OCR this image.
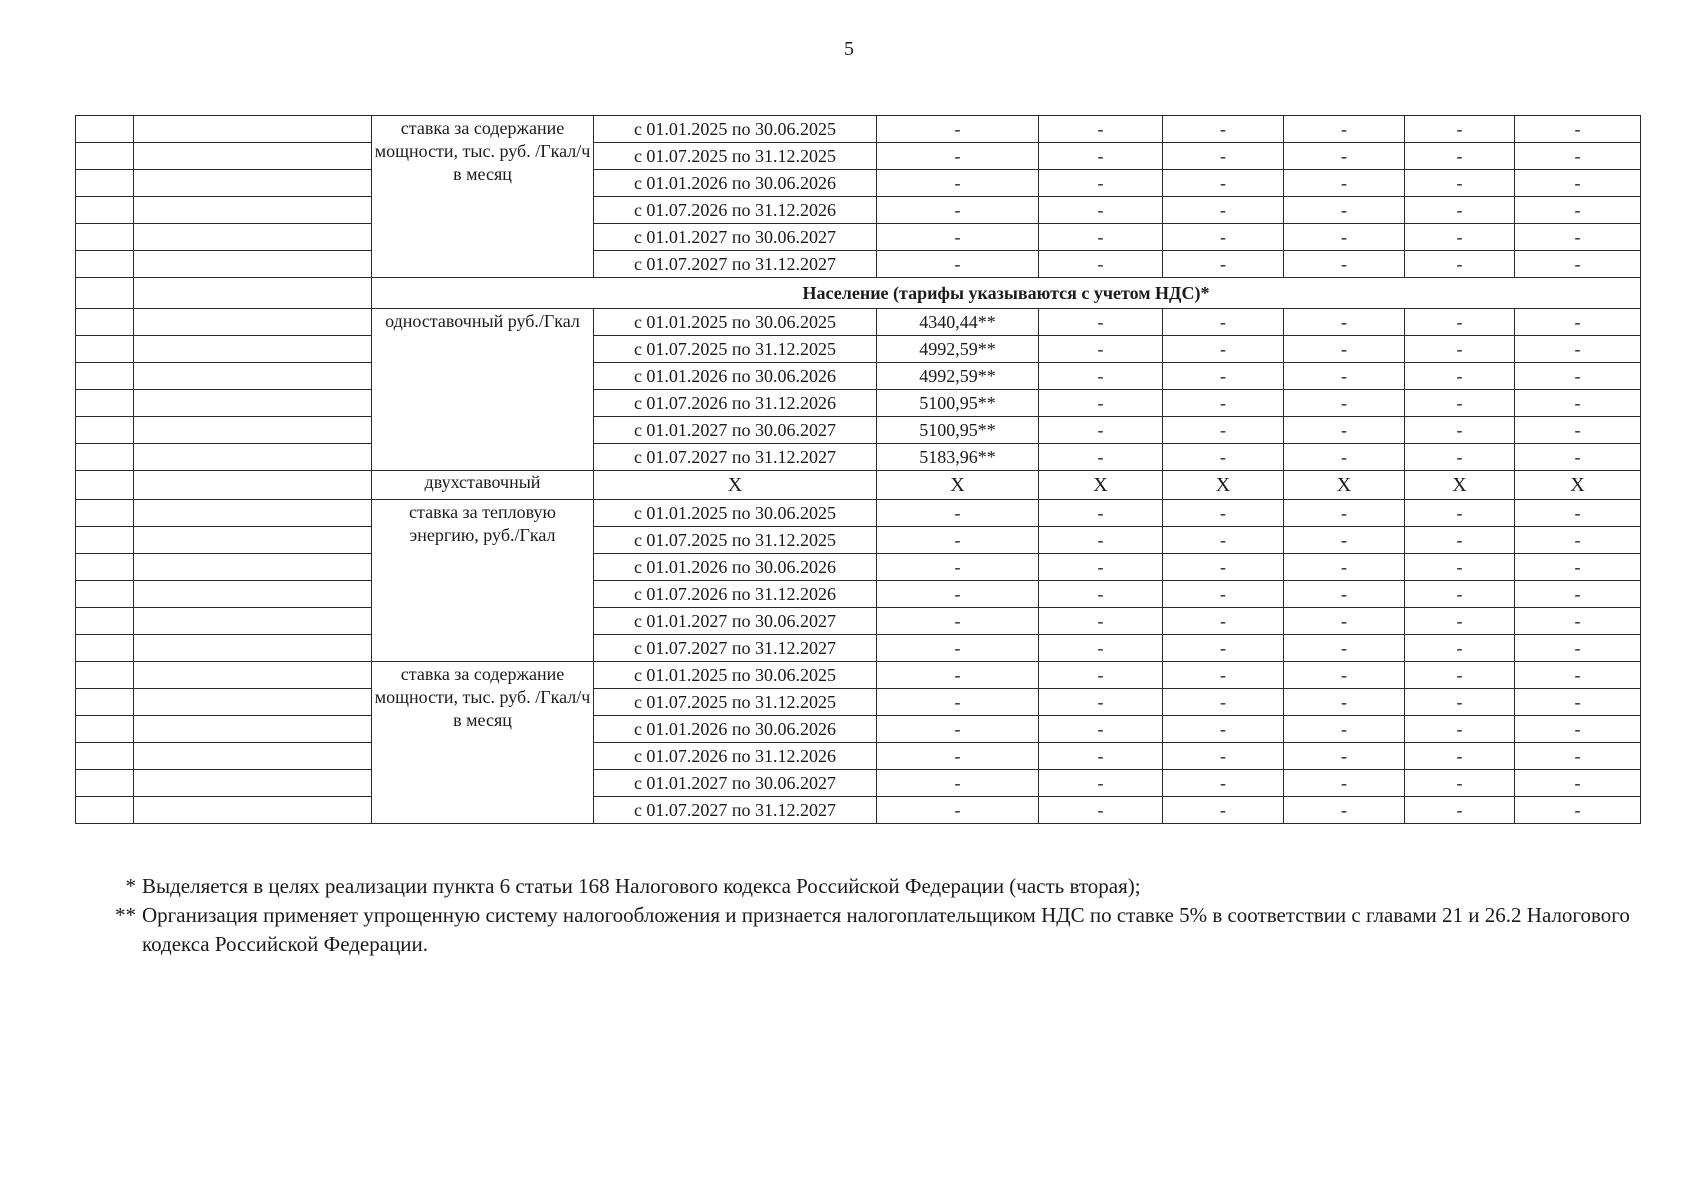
5
		ставка за содержание мощности, тыс. руб. /Гкал/ч в месяц	с 01.01.2025 по 30.06.2025	-	-	-	-	-	-
			с 01.07.2025 по 31.12.2025	-	-	-	-	-	-
			с 01.01.2026 по 30.06.2026	-	-	-	-	-	-
			с 01.07.2026 по 31.12.2026	-	-	-	-	-	-
			с 01.01.2027 по 30.06.2027	-	-	-	-	-	-
			с 01.07.2027 по 31.12.2027	-	-	-	-	-	-
		Население (тарифы указываются с учетом НДС)*							
		одноставочный руб./Гкал	с 01.01.2025 по 30.06.2025	4340,44**	-	-	-	-	-
			с 01.07.2025 по 31.12.2025	4992,59**	-	-	-	-	-
			с 01.01.2026 по 30.06.2026	4992,59**	-	-	-	-	-
			с 01.07.2026 по 31.12.2026	5100,95**	-	-	-	-	-
			с 01.01.2027 по 30.06.2027	5100,95**	-	-	-	-	-
			с 01.07.2027 по 31.12.2027	5183,96**	-	-	-	-	-
		двухставочный	X	X	X	X	X	X	X
		ставка за тепловую энергию, руб./Гкал	с 01.01.2025 по 30.06.2025	-	-	-	-	-	-
			с 01.07.2025 по 31.12.2025	-	-	-	-	-	-
			с 01.01.2026 по 30.06.2026	-	-	-	-	-	-
			с 01.07.2026 по 31.12.2026	-	-	-	-	-	-
			с 01.01.2027 по 30.06.2027	-	-	-	-	-	-
			с 01.07.2027 по 31.12.2027	-	-	-	-	-	-
		ставка за содержание мощности, тыс. руб. /Гкал/ч в месяц	с 01.01.2025 по 30.06.2025	-	-	-	-	-	-
			с 01.07.2025 по 31.12.2025	-	-	-	-	-	-
			с 01.01.2026 по 30.06.2026	-	-	-	-	-	-
			с 01.07.2026 по 31.12.2026	-	-	-	-	-	-
			с 01.01.2027 по 30.06.2027	-	-	-	-	-	-
			с 01.07.2027 по 31.12.2027	-	-	-	-	-	-
* Выделяется в целях реализации пункта 6 статьи 168 Налогового кодекса Российской Федерации (часть вторая);
** Организация применяет упрощенную систему налогообложения и признается налогоплательщиком НДС по ставке 5% в соответствии с главами 21 и 26.2 Налогового кодекса Российской Федерации.
